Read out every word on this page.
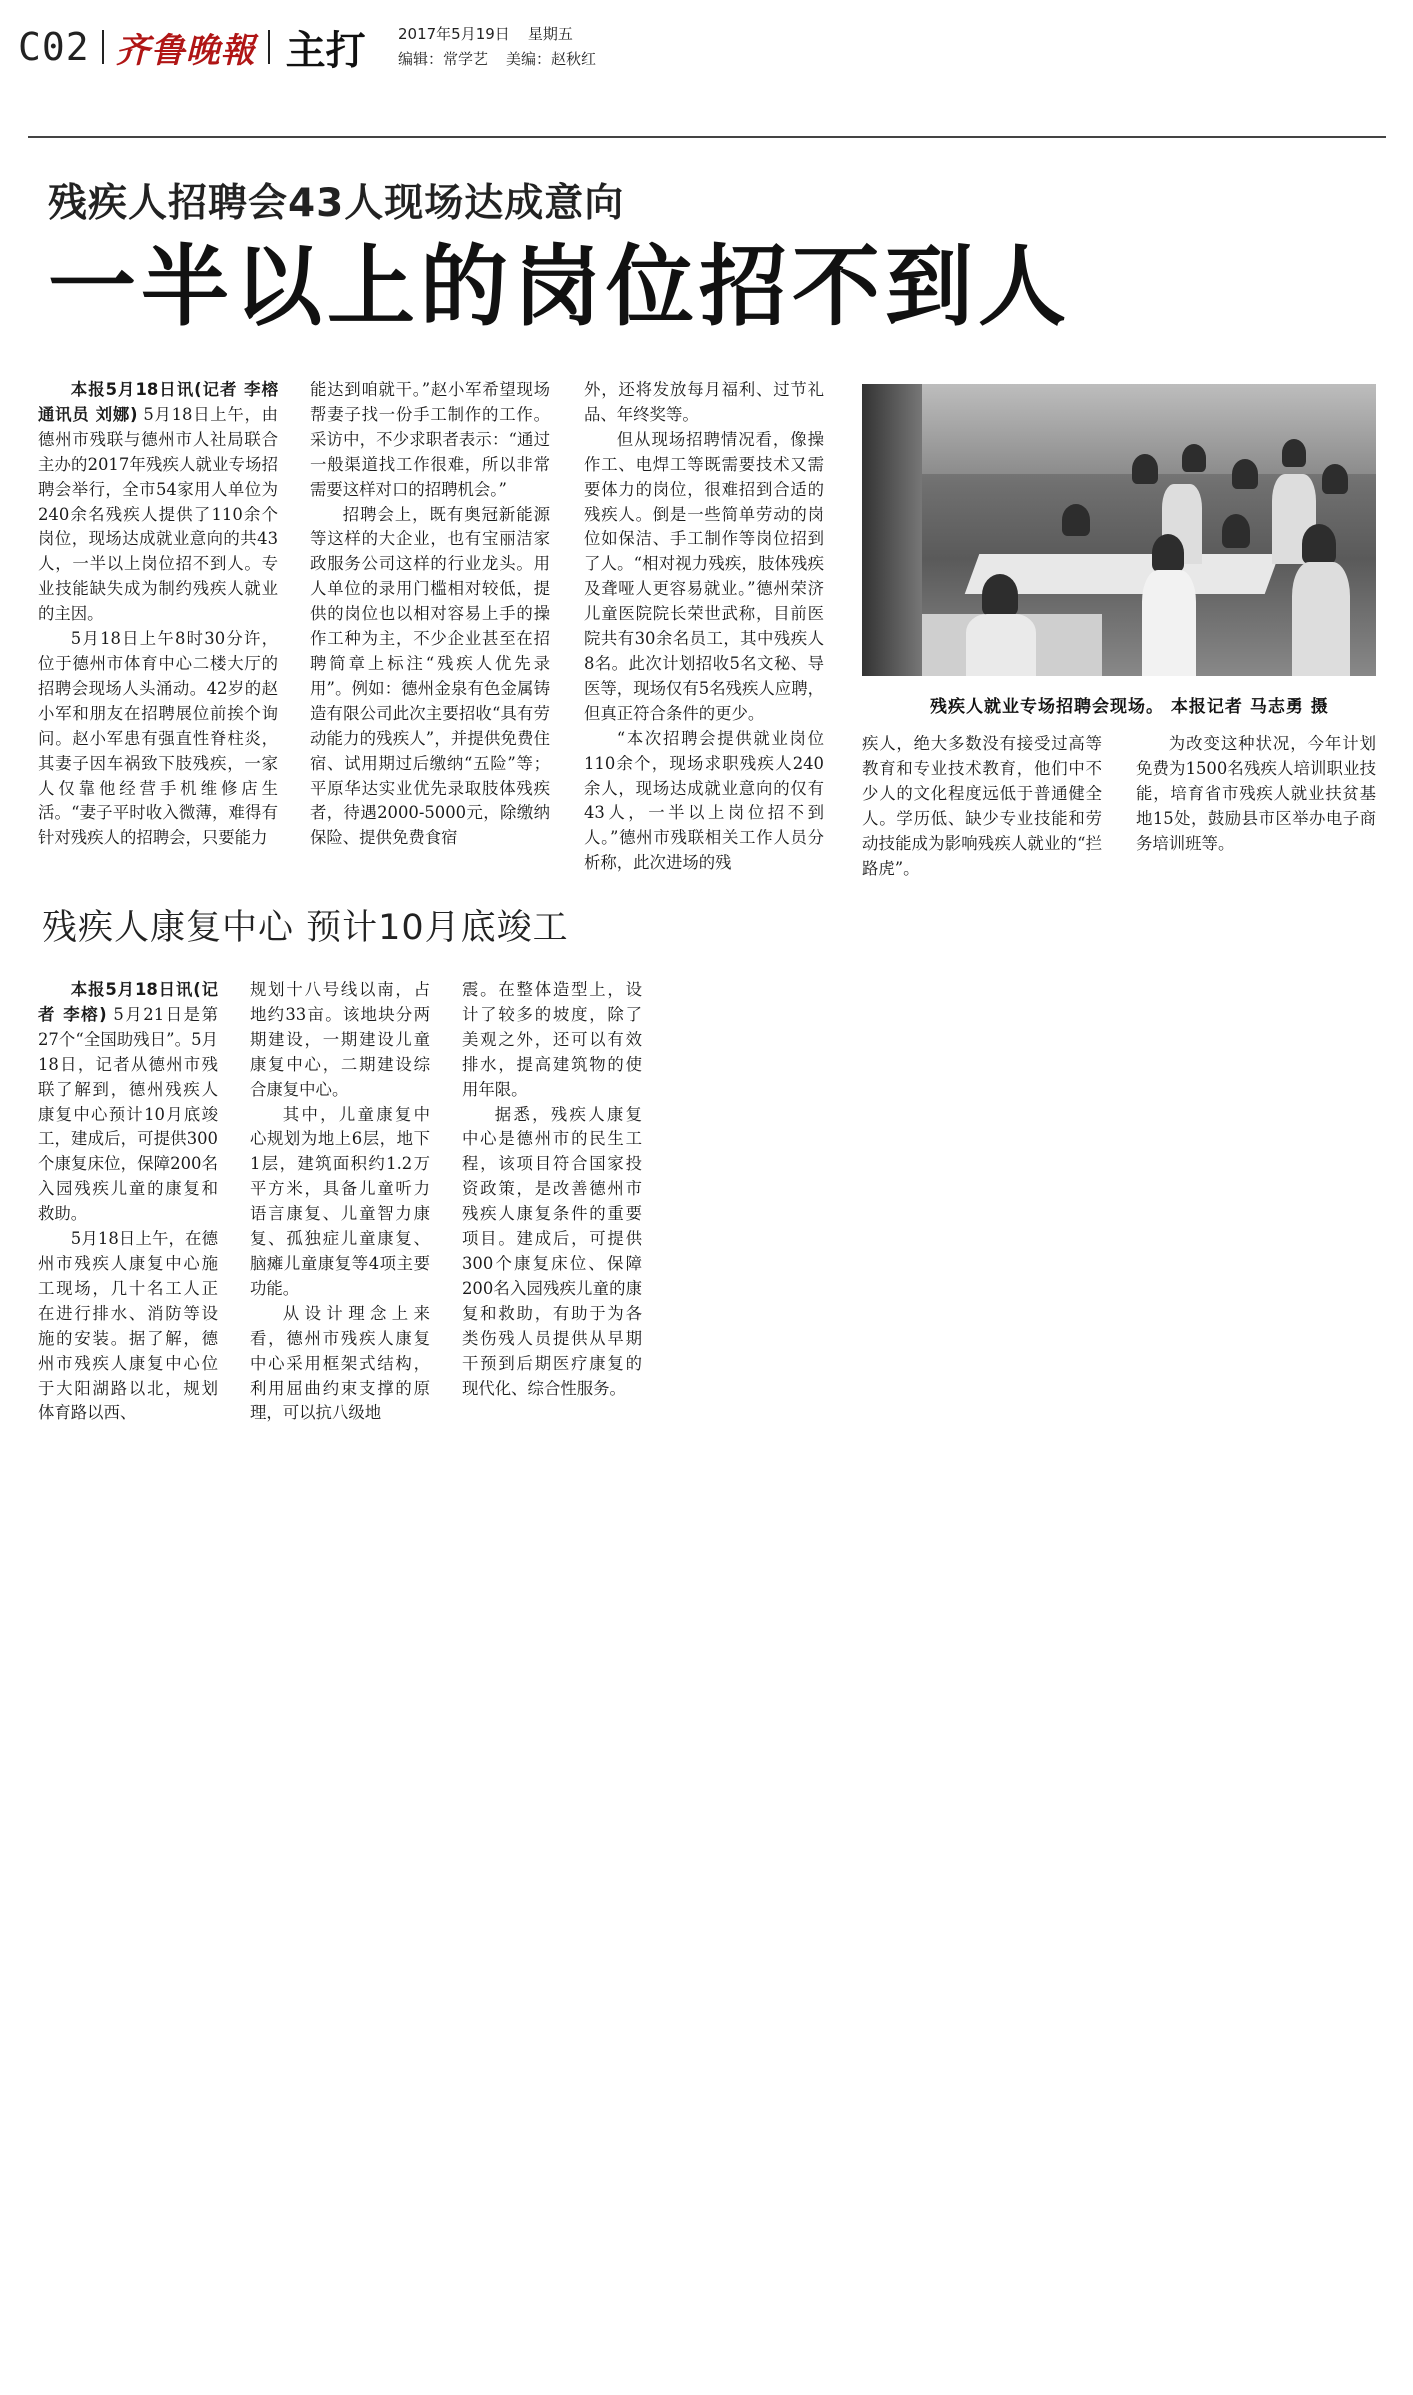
C02 齐鲁晚報 主打 2017年5月19日 星期五
编辑：常学艺 美编：赵秋红
残疾人招聘会43人现场达成意向
一半以上的岗位招不到人

本报5月18日讯(记者 李榕 通讯员 刘娜) 5月18日上午，由德州市残联与德州市人社局联合主办的2017年残疾人就业专场招聘会举行，全市54家用人单位为240余名残疾人提供了110余个岗位，现场达成就业意向的共43人，一半以上岗位招不到人。专业技能缺失成为制约残疾人就业的主因。

5月18日上午8时30分许，位于德州市体育中心二楼大厅的招聘会现场人头涌动。42岁的赵小军和朋友在招聘展位前挨个询问。赵小军患有强直性脊柱炎，其妻子因车祸致下肢残疾，一家人仅靠他经营手机维修店生活。“妻子平时收入微薄，难得有针对残疾人的招聘会，只要能力

能达到咱就干。”赵小军希望现场帮妻子找一份手工制作的工作。采访中，不少求职者表示：“通过一般渠道找工作很难，所以非常需要这样对口的招聘机会。”

招聘会上，既有奥冠新能源等这样的大企业，也有宝丽洁家政服务公司这样的行业龙头。用人单位的录用门槛相对较低，提供的岗位也以相对容易上手的操作工种为主，不少企业甚至在招聘简章上标注“残疾人优先录用”。例如：德州金泉有色金属铸造有限公司此次主要招收“具有劳动能力的残疾人”，并提供免费住宿、试用期过后缴纳“五险”等；平原华达实业优先录取肢体残疾者，待遇2000-5000元，除缴纳保险、提供免费食宿

外，还将发放每月福利、过节礼品、年终奖等。

但从现场招聘情况看，像操作工、电焊工等既需要技术又需要体力的岗位，很难招到合适的残疾人。倒是一些简单劳动的岗位如保洁、手工制作等岗位招到了人。“相对视力残疾，肢体残疾及聋哑人更容易就业。”德州荣济儿童医院院长荣世武称，目前医院共有30余名员工，其中残疾人8名。此次计划招收5名文秘、导医等，现场仅有5名残疾人应聘，但真正符合条件的更少。

“本次招聘会提供就业岗位110余个，现场求职残疾人240余人，现场达成就业意向的仅有43人，一半以上岗位招不到人。”德州市残联相关工作人员分析称，此次进场的残

残疾人就业专场招聘会现场。 本报记者 马志勇 摄

疾人，绝大多数没有接受过高等教育和专业技术教育，他们中不少人的文化程度远低于普通健全人。学历低、缺少专业技能和劳动技能成为影响残疾人就业的“拦路虎”。

为改变这种状况，今年计划免费为1500名残疾人培训职业技能，培育省市残疾人就业扶贫基地15处，鼓励县市区举办电子商务培训班等。

残疾人康复中心 预计10月底竣工

本报5月18日讯(记者 李榕) 5月21日是第27个“全国助残日”。5月18日，记者从德州市残联了解到，德州残疾人康复中心预计10月底竣工，建成后，可提供300个康复床位，保障200名入园残疾儿童的康复和救助。

5月18日上午，在德州市残疾人康复中心施工现场，几十名工人正在进行排水、消防等设施的安装。据了解，德州市残疾人康复中心位于大阳湖路以北，规划体育路以西、

规划十八号线以南，占地约33亩。该地块分两期建设，一期建设儿童康复中心，二期建设综合康复中心。

其中，儿童康复中心规划为地上6层，地下1层，建筑面积约1.2万平方米，具备儿童听力语言康复、儿童智力康复、孤独症儿童康复、脑瘫儿童康复等4项主要功能。

从设计理念上来看，德州市残疾人康复中心采用框架式结构，利用屈曲约束支撑的原理，可以抗八级地

震。在整体造型上，设计了较多的坡度，除了美观之外，还可以有效排水，提高建筑物的使用年限。

据悉，残疾人康复中心是德州市的民生工程，该项目符合国家投资政策，是改善德州市残疾人康复条件的重要项目。建成后，可提供300个康复床位、保障200名入园残疾儿童的康复和救助，有助于为各类伤残人员提供从早期干预到后期医疗康复的现代化、综合性服务。
